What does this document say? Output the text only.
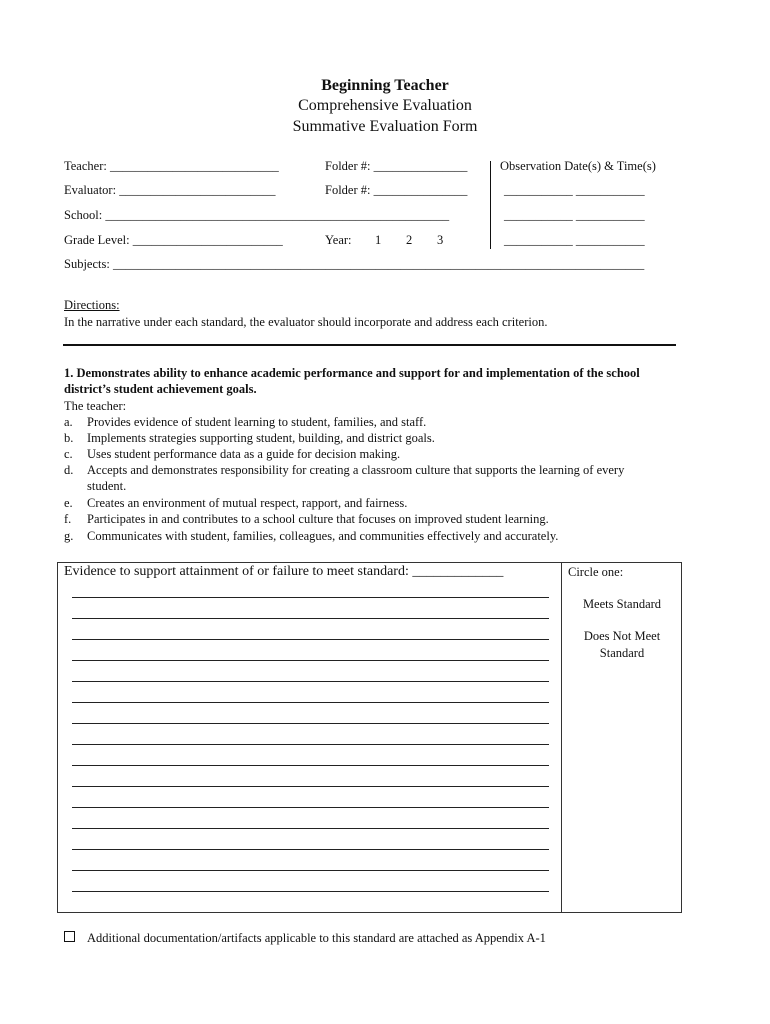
Beginning Teacher
Comprehensive Evaluation
Summative Evaluation Form
Teacher: ___________________________
Evaluator: _________________________
School: _______________________________________________________
Grade Level: ________________________
Subjects: _____________________________________________________________________________________
Folder #: _______________
Folder #: _______________
Year: 1 2 3
Observation Date(s) & Time(s)
___________ ___________
___________ ___________
___________ ___________
Directions:
In the narrative under each standard, the evaluator should incorporate and address each criterion.
1. Demonstrates ability to enhance academic performance and support for and implementation of the school
district’s student achievement goals.
The teacher:
a. Provides evidence of student learning to student, families, and staff.
b. Implements strategies supporting student, building, and district goals.
c. Uses student performance data as a guide for decision making.
d. Accepts and demonstrates responsibility for creating a classroom culture that supports the learning of every
student.
e. Creates an environment of mutual respect, rapport, and fairness.
f. Participates in and contributes to a school culture that focuses on improved student learning.
g. Communicates with student, families, colleagues, and communities effectively and accurately.
Evidence to support attainment of or failure to meet standard: _____________	Circle one:
Meets Standard
Does Not Meet
Standard
Additional documentation/artifacts applicable to this standard are attached as Appendix A-1
